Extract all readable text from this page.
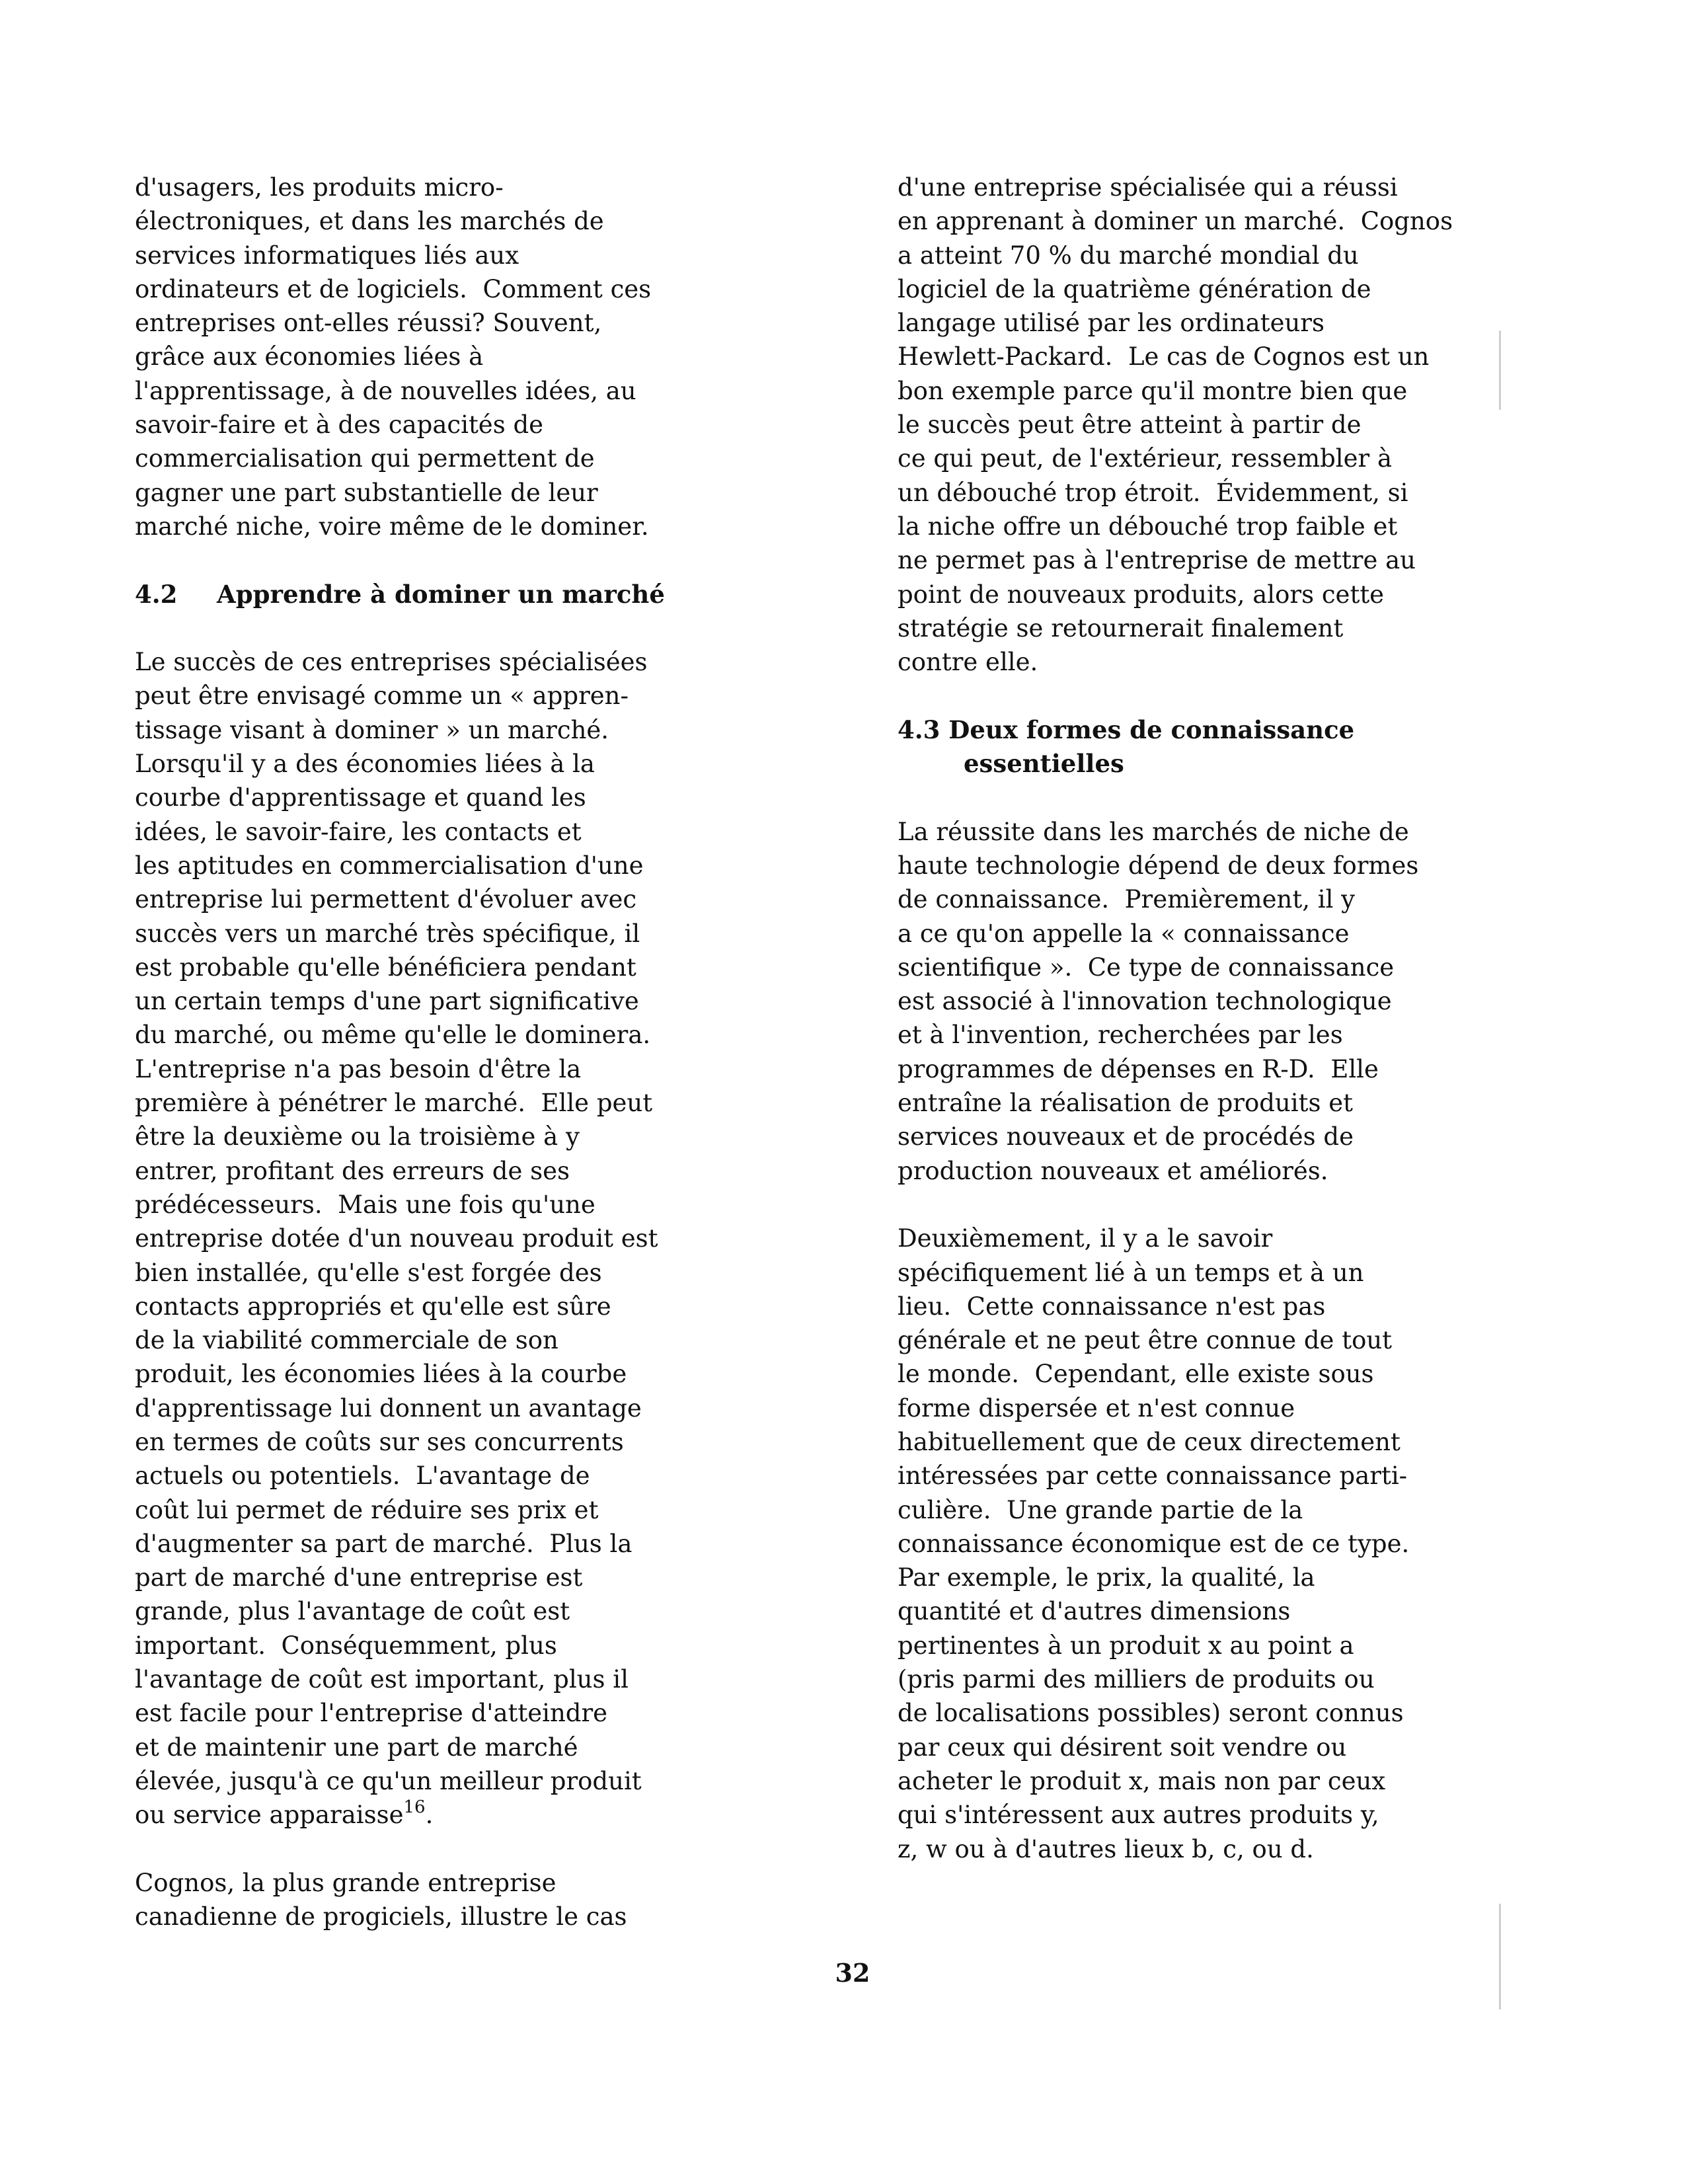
d'usagers, les produits micro-
électroniques, et dans les marchés de
services informatiques liés aux
ordinateurs et de logiciels.  Comment ces
entreprises ont-elles réussi? Souvent,
grâce aux économies liées à
l'apprentissage, à de nouvelles idées, au
savoir-faire et à des capacités de
commercialisation qui permettent de
gagner une part substantielle de leur
marché niche, voire même de le dominer.
4.2 Apprendre à dominer un marché
Le succès de ces entreprises spécialisées
peut être envisagé comme un « appren-
tissage visant à dominer » un marché.
Lorsqu'il y a des économies liées à la
courbe d'apprentissage et quand les
idées, le savoir-faire, les contacts et
les aptitudes en commercialisation d'une
entreprise lui permettent d'évoluer avec
succès vers un marché très spécifique, il
est probable qu'elle bénéficiera pendant
un certain temps d'une part significative
du marché, ou même qu'elle le dominera.
L'entreprise n'a pas besoin d'être la
première à pénétrer le marché.  Elle peut
être la deuxième ou la troisième à y
entrer, profitant des erreurs de ses
prédécesseurs.  Mais une fois qu'une
entreprise dotée d'un nouveau produit est
bien installée, qu'elle s'est forgée des
contacts appropriés et qu'elle est sûre
de la viabilité commerciale de son
produit, les économies liées à la courbe
d'apprentissage lui donnent un avantage
en termes de coûts sur ses concurrents
actuels ou potentiels.  L'avantage de
coût lui permet de réduire ses prix et
d'augmenter sa part de marché.  Plus la
part de marché d'une entreprise est
grande, plus l'avantage de coût est
important.  Conséquemment, plus
l'avantage de coût est important, plus il
est facile pour l'entreprise d'atteindre
et de maintenir une part de marché
élevée, jusqu'à ce qu'un meilleur produit
ou service apparaisse$^{16}$.
Cognos, la plus grande entreprise
canadienne de progiciels, illustre le cas
d'une entreprise spécialisée qui a réussi
en apprenant à dominer un marché.  Cognos
a atteint 70 % du marché mondial du
logiciel de la quatrième génération de
langage utilisé par les ordinateurs
Hewlett-Packard.  Le cas de Cognos est un
bon exemple parce qu'il montre bien que
le succès peut être atteint à partir de
ce qui peut, de l'extérieur, ressembler à
un débouché trop étroit.  Évidemment, si
la niche offre un débouché trop faible et
ne permet pas à l'entreprise de mettre au
point de nouveaux produits, alors cette
stratégie se retournerait finalement
contre elle.
4.3 Deux formes de connaissance
essentielles
La réussite dans les marchés de niche de
haute technologie dépend de deux formes
de connaissance.  Premièrement, il y
a ce qu'on appelle la « connaissance
scientifique ».  Ce type de connaissance
est associé à l'innovation technologique
et à l'invention, recherchées par les
programmes de dépenses en R-D.  Elle
entraîne la réalisation de produits et
services nouveaux et de procédés de
production nouveaux et améliorés.
Deuxièmement, il y a le savoir
spécifiquement lié à un temps et à un
lieu.  Cette connaissance n'est pas
générale et ne peut être connue de tout
le monde.  Cependant, elle existe sous
forme dispersée et n'est connue
habituellement que de ceux directement
intéressées par cette connaissance parti-
culière.  Une grande partie de la
connaissance économique est de ce type.
Par exemple, le prix, la qualité, la
quantité et d'autres dimensions
pertinentes à un produit x au point a
(pris parmi des milliers de produits ou
de localisations possibles) seront connus
par ceux qui désirent soit vendre ou
acheter le produit x, mais non par ceux
qui s'intéressent aux autres produits y,
z, w ou à d'autres lieux b, c, ou d.
32
